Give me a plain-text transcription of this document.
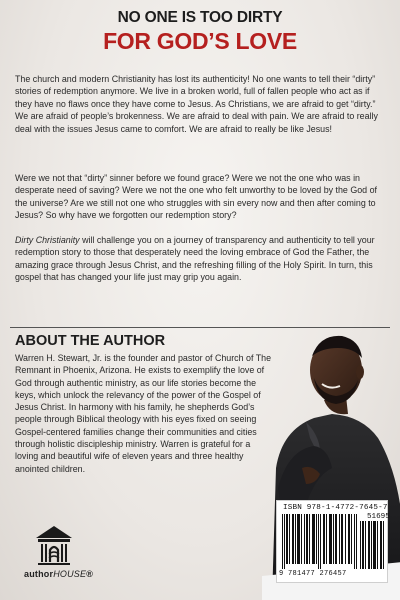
NO ONE IS TOO DIRTY
FOR GOD’S LOVE

The church and modern Christianity has lost its authenticity! No one wants to tell their “dirty” stories of redemption anymore. We live in a broken world, full of fallen people who act as if they have no flaws once they have come to Jesus. As Christians, we are afraid to get “dirty.” We are afraid of people’s brokenness. We are afraid to deal with pain. We are afraid to really deal with the issues Jesus came to comfort. We are afraid to really be like Jesus!

Were we not that “dirty” sinner before we found grace? Were we not the one who was in desperate need of saving? Were we not the one who felt unworthy to be loved by the God of the universe? Are we still not one who struggles with sin every now and then after coming to Jesus? So why have we forgotten our redemption story?

Dirty Christianity will challenge you on a journey of transparency and authenticity to tell your redemption story to those that desperately need the loving embrace of God the Father, the amazing grace through Jesus Christ, and the refreshing filling of the Holy Spirit. In turn, this gospel that has changed your life just may grip you again.

ABOUT THE AUTHOR

Warren H. Stewart, Jr. is the founder and pastor of Church of The Remnant in Phoenix, Arizona. He exists to exemplify the love of God through authentic ministry, as our life stories become the keys, which unlock the relevancy of the power of the Gospel of Jesus Christ. In harmony with his family, he shepherds God’s people through Biblical theology with his eyes fixed on seeing Gospel-centered families change their communities and cities through holistic discipleship ministry. Warren is grateful for a loving and beautiful wife of eleven years and three healthy anointed children.

authorHOUSE®
ISBN 978-1-4772-7645-7
51695
9 781477 276457
